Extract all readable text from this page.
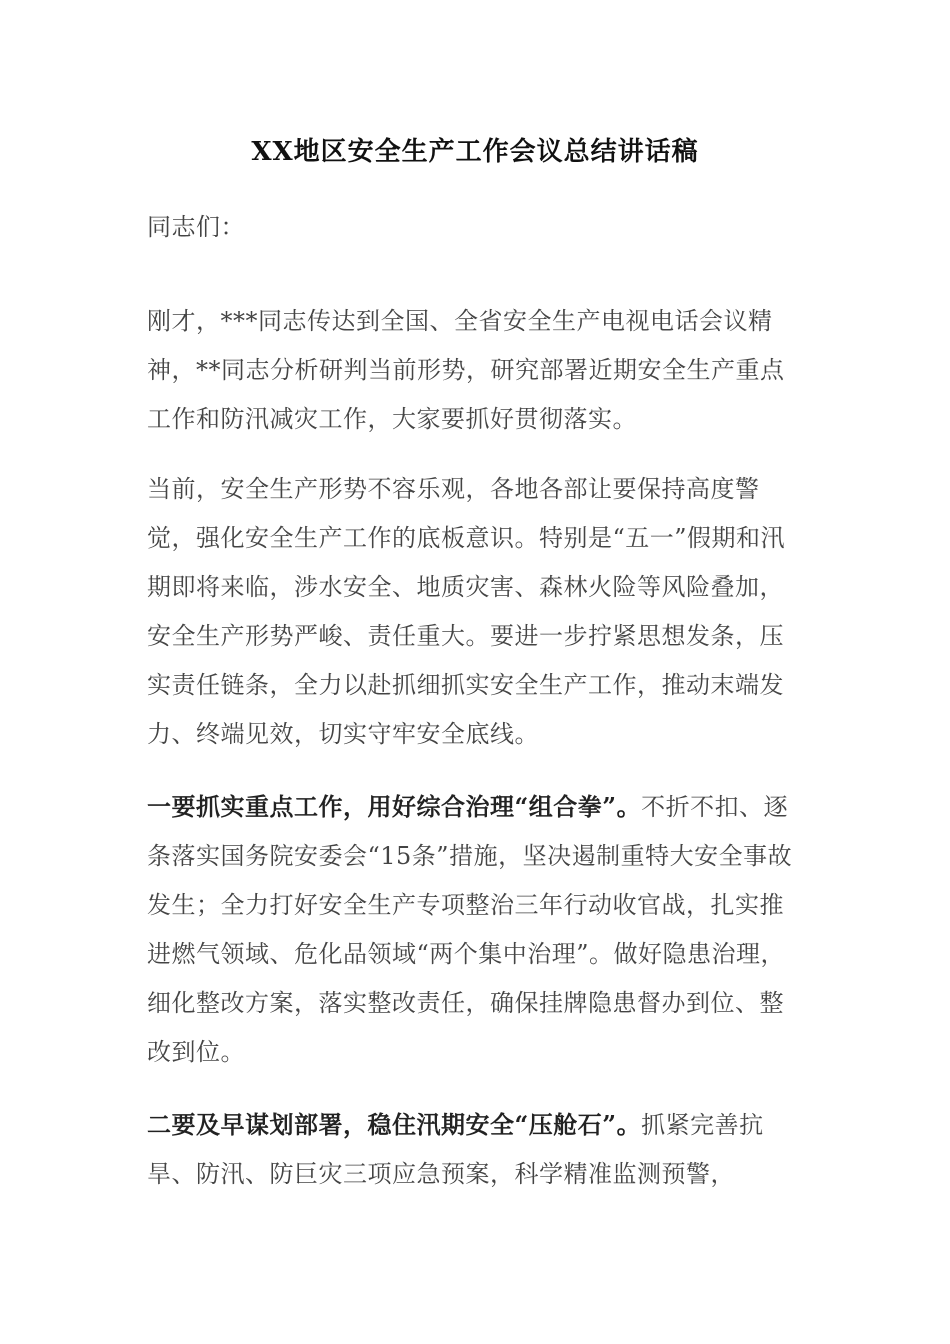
XX地区安全生产工作会议总结讲话稿

同志们：

刚才，***同志传达到全国、全省安全生产电视电话会议精神，**同志分析研判当前形势，研究部署近期安全生产重点工作和防汛减灾工作，大家要抓好贯彻落实。

当前，安全生产形势不容乐观，各地各部让要保持高度警觉，强化安全生产工作的底板意识。特别是“五一”假期和汛期即将来临，涉水安全、地质灾害、森林火险等风险叠加，安全生产形势严峻、责任重大。要进一步拧紧思想发条，压实责任链条，全力以赴抓细抓实安全生产工作，推动末端发力、终端见效，切实守牢安全底线。

一要抓实重点工作，用好综合治理“组合拳”。不折不扣、逐条落实国务院安委会“15条”措施，坚决遏制重特大安全事故发生；全力打好安全生产专项整治三年行动收官战，扎实推进燃气领域、危化品领域“两个集中治理”。做好隐患治理，细化整改方案，落实整改责任，确保挂牌隐患督办到位、整改到位。

二要及早谋划部署，稳住汛期安全“压舱石”。抓紧完善抗旱、防汛、防巨灾三项应急预案，科学精准监测预警，
